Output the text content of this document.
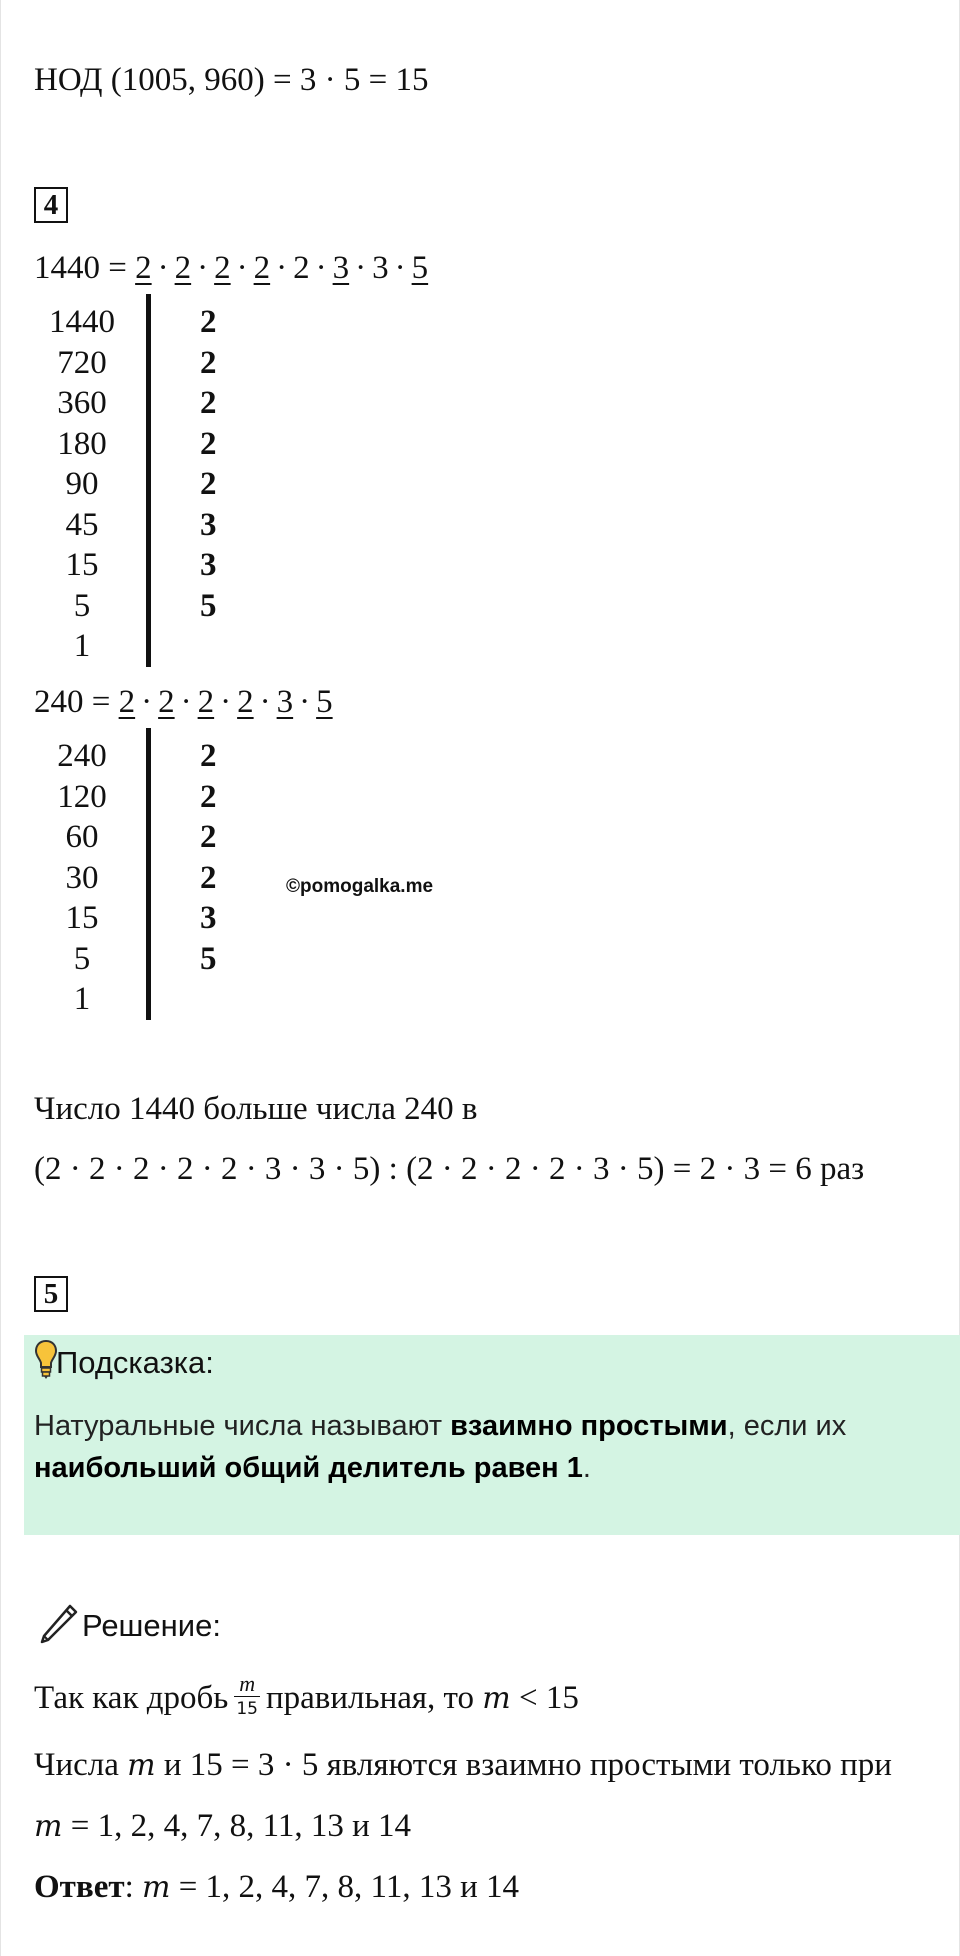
НОД (1005, 960) = 3 · 5 = 15
4
1440 = 2 · 2 · 2 · 2 · 2 · 3 · 3 · 5
1440
720
360
180
90
45
15
5
1
2
2
2
2
2
3
3
5
240 = 2 · 2 · 2 · 2 · 3 · 5
240
120
60
30
15
5
1
2
2
2
2
3
5
©pomogalka.me
Число 1440 больше числа 240 в
(2 · 2 · 2 · 2 · 2 · 3 · 3 · 5) : (2 · 2 · 2 · 2 · 3 · 5) = 2 · 3 = 6 раз
5
Подсказка:
Натуральные числа называют взаимно простыми, если их наибольший общий делитель равен 1.
Решение:
Так как дробь $\frac{m}{15}$ правильная, то m < 15
Числа m и 15 = 3 · 5 являются взаимно простыми только при
m = 1, 2, 4, 7, 8, 11, 13 и 14
Ответ: m = 1, 2, 4, 7, 8, 11, 13 и 14
